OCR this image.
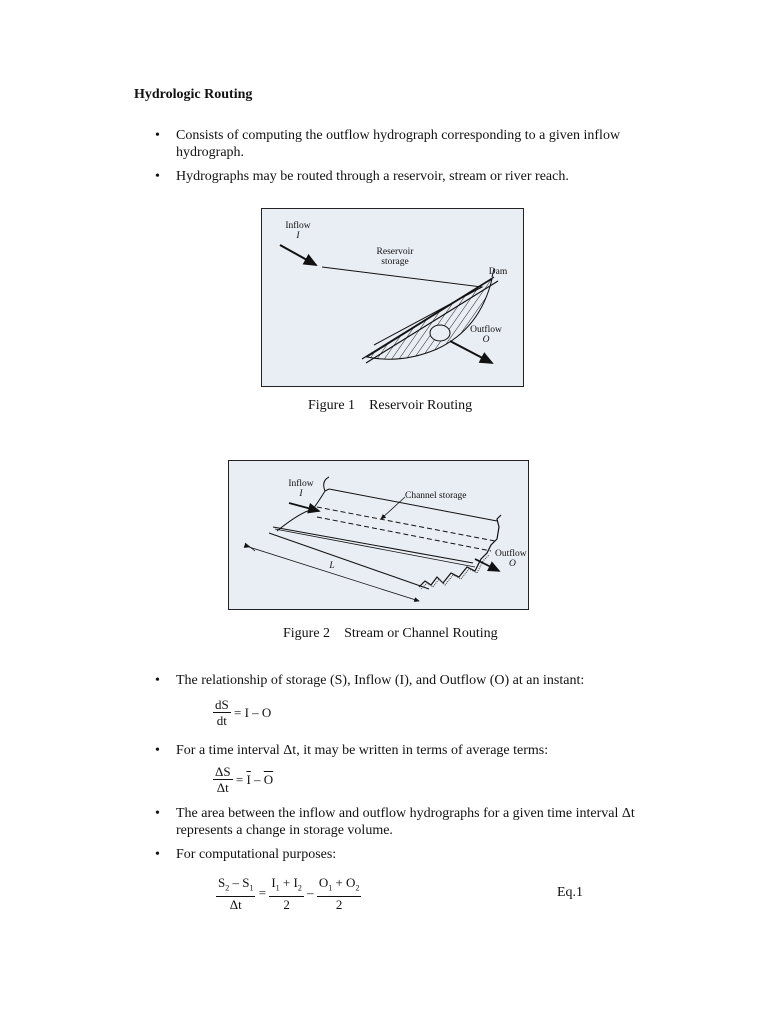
Hydrologic Routing
• Consists of computing the outflow hydrograph corresponding to a given inflow hydrograph.
• Hydrographs may be routed through a reservoir, stream or river reach.
Inflow
I
Reservoir
storage
Dam
Outflow
O
Figure 1 Reservoir Routing
Inflow
I	Channel storage
Outflow
O
L
Figure 2 Stream or Channel Routing
• The relationship of storage (S), Inflow (I), and Outflow (O) at an instant:
$\frac{dS}{dt} = I - O$
• For a time interval Δt, it may be written in terms of average terms:
$\frac{\Delta S}{\Delta t} = \overline{I} - \overline{O}$
• The area between the inflow and outflow hydrographs for a given time interval Δt represents a change in storage volume.
• For computational purposes:
$\frac{S_2 - S_1}{\Delta t} = \frac{I_1 + I_2}{2} - \frac{O_1 + O_2}{2}$	Eq.1
